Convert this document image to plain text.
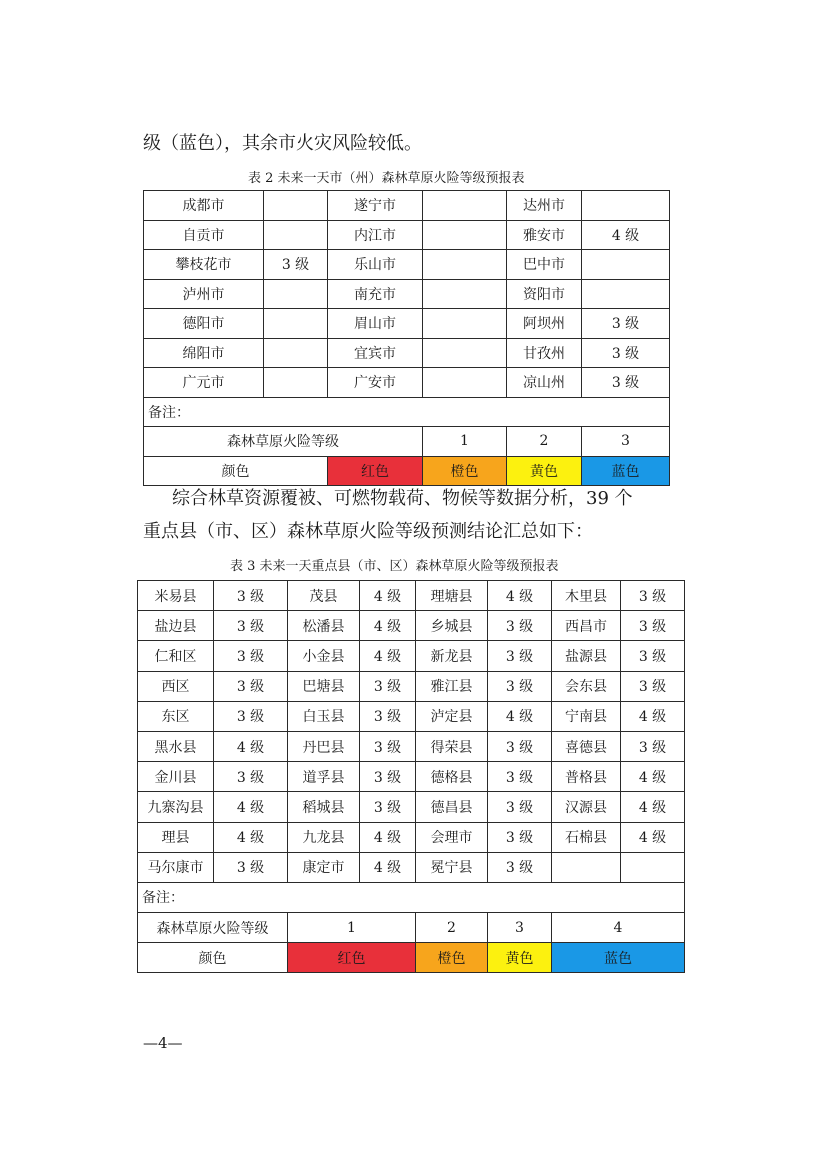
级（蓝色），其余市火灾风险较低。

表 2 未来一天市（州）森林草原火险等级预报表

成都市		遂宁市		达州市		
自贡市		内江市		雅安市	4 级	
攀枝花市	3 级	乐山市		巴中市		
泸州市		南充市		资阳市		
德阳市		眉山市		阿坝州	3 级	
绵阳市		宜宾市		甘孜州	3 级	
广元市		广安市		凉山州	3 级	
备注：						
森林草原火险等级			1	2	3	
颜色		红色	橙色	黄色	蓝色	

综合林草资源覆被、可燃物载荷、物候等数据分析，39 个

重点县（市、区）森林草原火险等级预测结论汇总如下：

表 3 未来一天重点县（市、区）森林草原火险等级预报表

米易县	3 级	茂县	4 级	理塘县	4 级	木里县	3 级
盐边县	3 级	松潘县	4 级	乡城县	3 级	西昌市	3 级
仁和区	3 级	小金县	4 级	新龙县	3 级	盐源县	3 级
西区	3 级	巴塘县	3 级	雅江县	3 级	会东县	3 级
东区	3 级	白玉县	3 级	泸定县	4 级	宁南县	4 级
黑水县	4 级	丹巴县	3 级	得荣县	3 级	喜德县	3 级
金川县	3 级	道孚县	3 级	德格县	3 级	普格县	4 级
九寨沟县	4 级	稻城县	3 级	德昌县	3 级	汉源县	4 级
理县	4 级	九龙县	4 级	会理市	3 级	石棉县	4 级
马尔康市	3 级	康定市	4 级	冕宁县	3 级		
备注：							
森林草原火险等级		1		2	3	4	
颜色		红色		橙色	黄色	蓝色	

—4—
